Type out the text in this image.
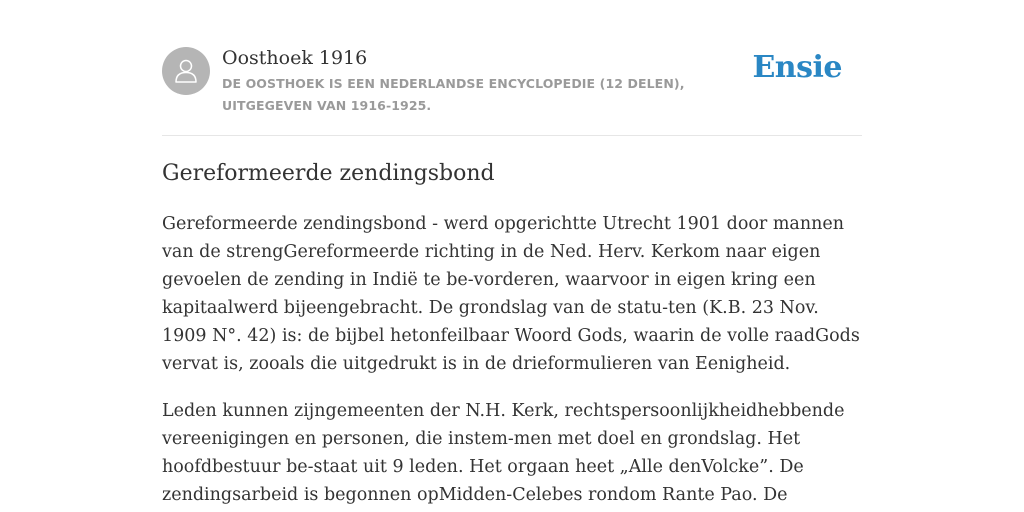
Oosthoek 1916

DE OOSTHOEK IS EEN NEDERLANDSE ENCYCLOPEDIE (12 DELEN), UITGEGEVEN VAN 1916-1925.

Ensie
Gereformeerde zendingsbond

Gereformeerde zendingsbond - werd opgerichtte Utrecht 1901 door mannen van de strengGereformeerde richting in de Ned. Herv. Kerkom naar eigen gevoelen de zending in Indië te be-vorderen, waarvoor in eigen kring een kapitaalwerd bijeengebracht. De grondslag van de statu-ten (K.B. 23 Nov. 1909 N°. 42) is: de bijbel hetonfeilbaar Woord Gods, waarin de volle raadGods vervat is, zooals die uitgedrukt is in de drieformulieren van Eenigheid.

Leden kunnen zijngemeenten der N.H. Kerk, rechtspersoonlijkheidhebbende vereenigingen en personen, die instem-men met doel en grondslag. Het hoofdbestuur be-staat uit 9 leden. Het orgaan heet „Alle denVolcke”. De zendingsarbeid is begonnen opMidden-Celebes rondom Rante Pao. De
